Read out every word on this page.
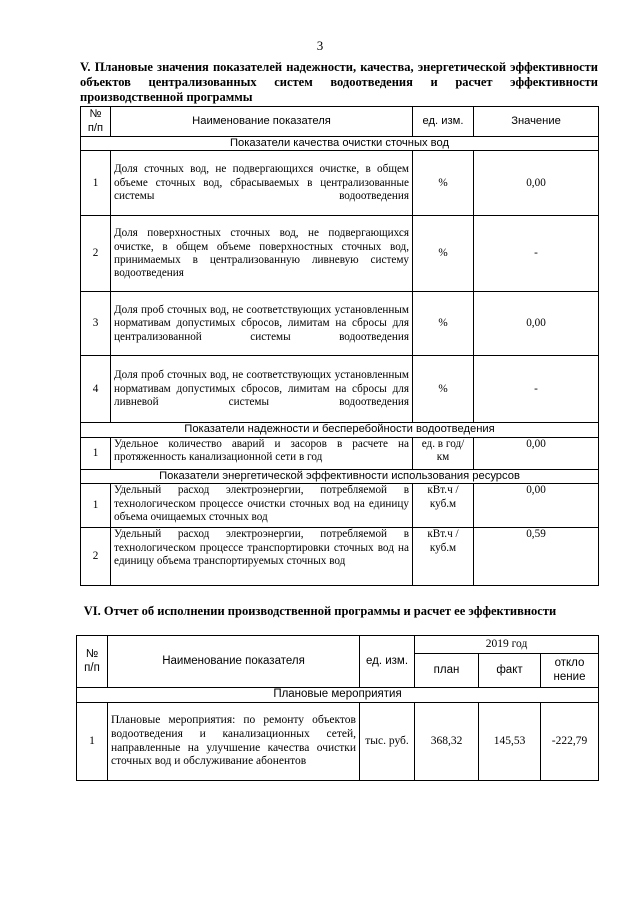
3
V. Плановые значения показателей надежности, качества, энергетической эффективности объектов централизованных систем водоотведения и расчет эффективности производственной программы
№ п/п	Наименование показателя	ед. изм.	Значение
Показатели качества очистки сточных вод			
1	Доля сточных вод, не подвергающихся очистке, в общем объеме сточных вод, сбрасываемых в централизованные системы водоотведения	%	0,00
2	Доля поверхностных сточных вод, не подвергающихся очистке, в общем объеме поверхностных сточных вод, принимаемых в централизованную ливневую систему водоотведения	%	-
3	Доля проб сточных вод, не соответствующих установленным нормативам допустимых сбросов, лимитам на сбросы для централизованной системы водоотведения	%	0,00
4	Доля проб сточных вод, не соответствующих установленным нормативам допустимых сбросов, лимитам на сбросы для ливневой системы водоотведения	%	-
Показатели надежности и бесперебойности водоотведения			
1	Удельное количество аварий и засоров в расчете на протяженность канализационной сети в год	ед. в год/ км	0,00
Показатели энергетической эффективности использования ресурсов			
1	Удельный расход электроэнергии, потребляемой в технологическом процессе очистки сточных вод на единицу объема очищаемых сточных вод	кВт.ч / куб.м	0,00
2	Удельный расход электроэнергии, потребляемой в технологическом процессе транспортировки сточных вод на единицу объема транспортируемых сточных вод	кВт.ч / куб.м	0,59
VI. Отчет об исполнении производственной программы и расчет ее эффективности
№ п/п	Наименование показателя	ед. изм.	2019 год		
			план	факт	откло нение
Плановые мероприятия					
1	Плановые мероприятия: по ремонту объектов водоотведения и канализационных сетей, направленные на улучшение качества очистки сточных вод и обслуживание абонентов	тыс. руб.	368,32	145,53	-222,79
